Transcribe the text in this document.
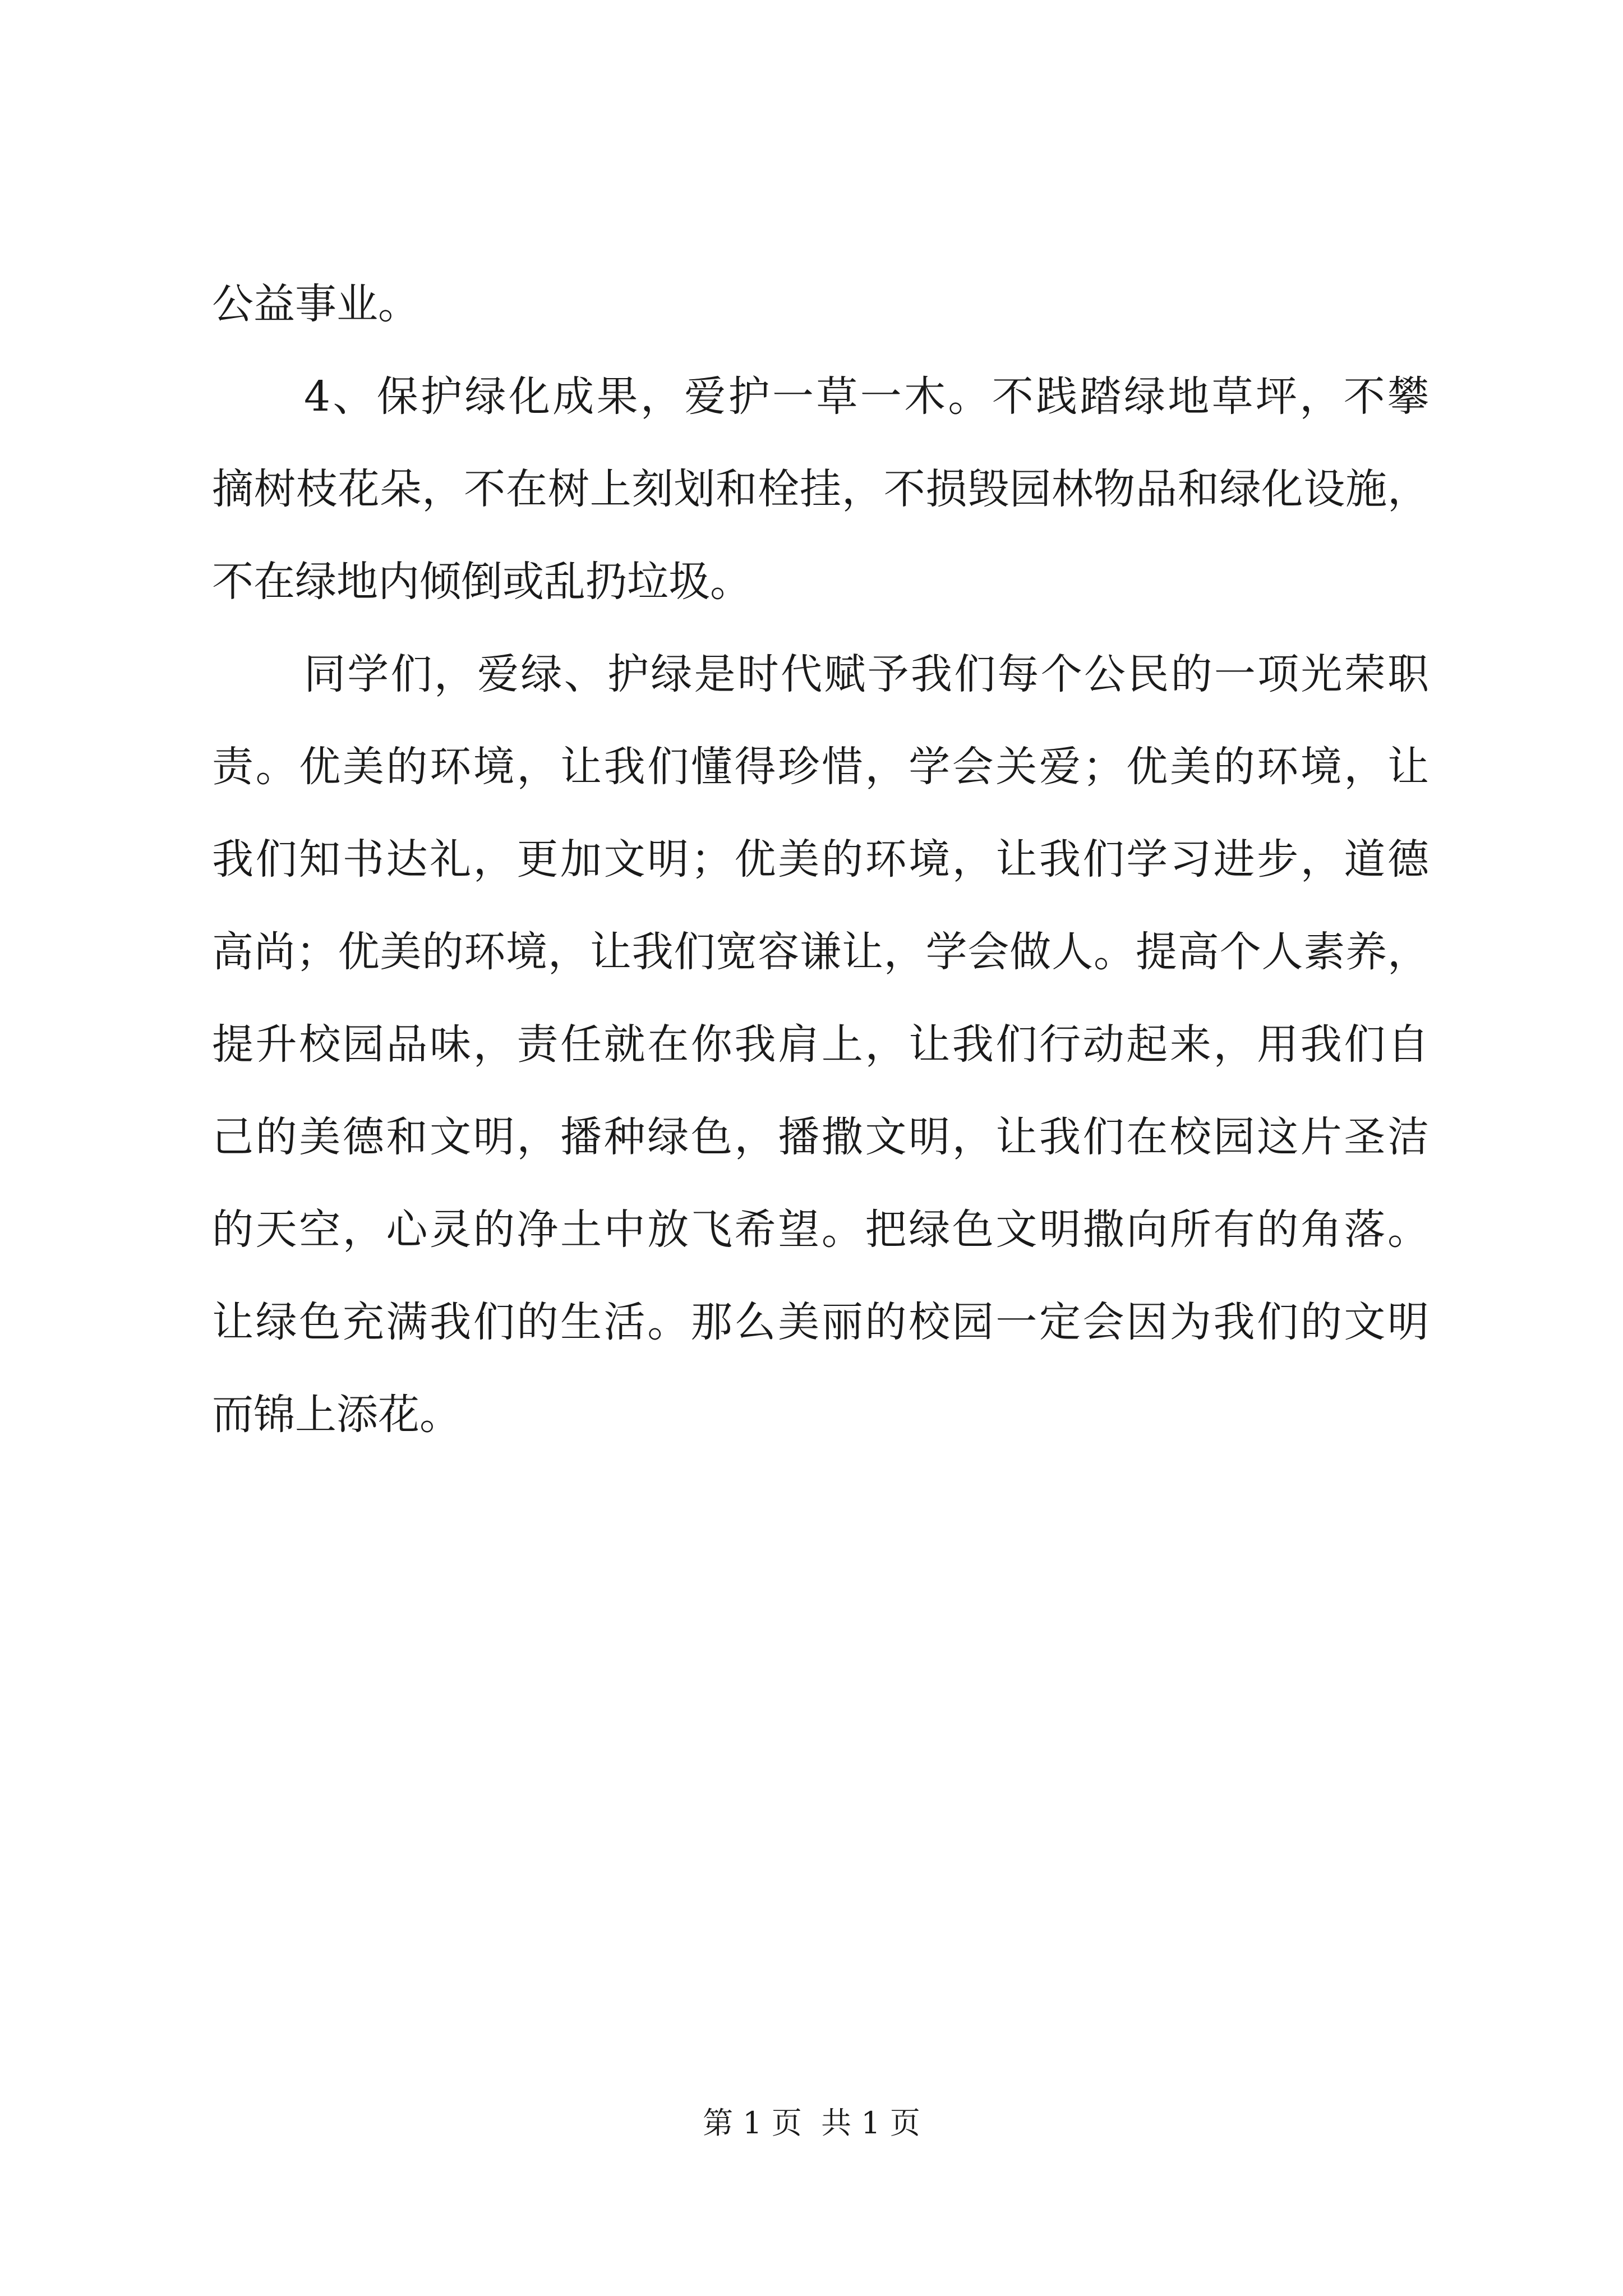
公益事业。
4、保护绿化成果，爱护一草一木。不践踏绿地草坪，不攀
摘树枝花朵，不在树上刻划和栓挂，不损毁园林物品和绿化设施，
不在绿地内倾倒或乱扔垃圾。
同学们，爱绿、护绿是时代赋予我们每个公民的一项光荣职
责。优美的环境，让我们懂得珍惜，学会关爱；优美的环境，让
我们知书达礼，更加文明；优美的环境，让我们学习进步，道德
高尚；优美的环境，让我们宽容谦让，学会做人。提高个人素养，
提升校园品味，责任就在你我肩上，让我们行动起来，用我们自
己的美德和文明，播种绿色，播撒文明，让我们在校园这片圣洁
的天空，心灵的净土中放飞希望。把绿色文明撒向所有的角落。
让绿色充满我们的生活。那么美丽的校园一定会因为我们的文明
而锦上添花。
第 1 页  共 1 页
